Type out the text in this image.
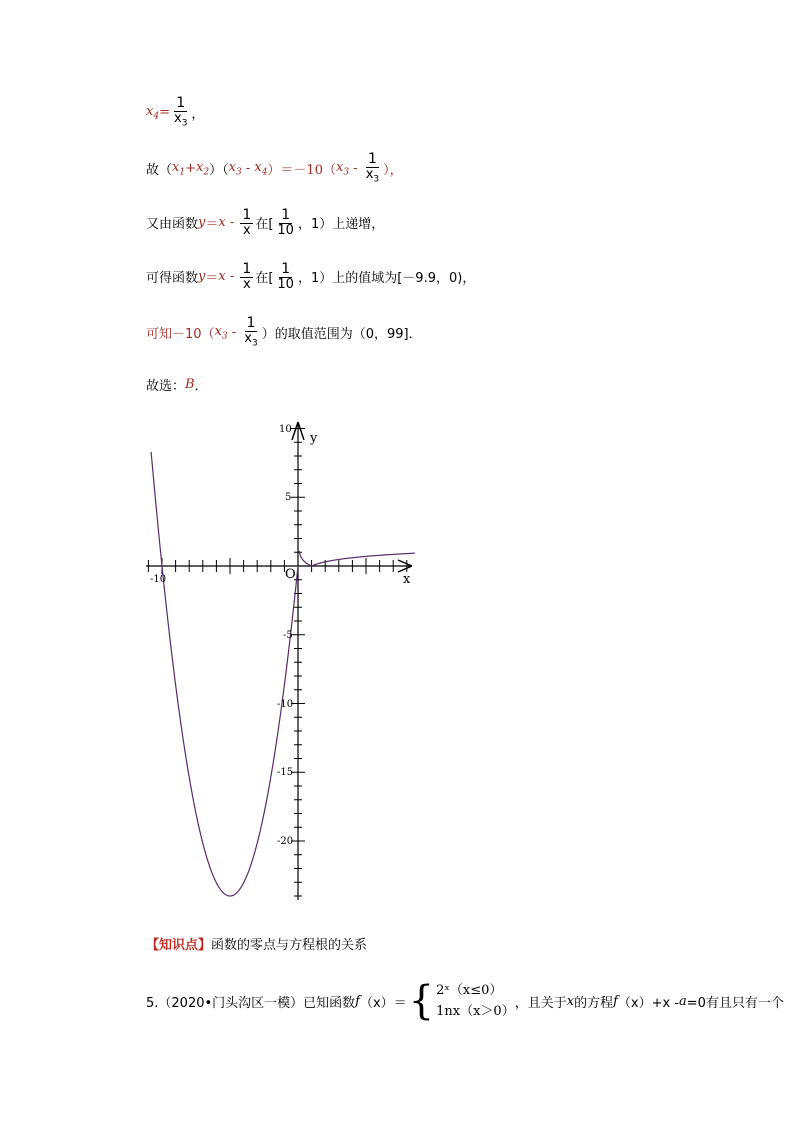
$x_4 = \frac{1}{x_3}$ ，
故（ $x_1 + x_2$ ）（ $x_3 - x_4$ ）＝－10（ $x_3 - \frac{1}{x_3}$ ），
又由函数 $y = x - \frac{1}{x}$ 在[ $\frac{1}{10}$ ，1）上递增，
可得函数 $y = x - \frac{1}{x}$ 在[ $\frac{1}{10}$ ，1）上的值域为[－9.9，0)，
可知－10（ $x_3 - \frac{1}{x_3}$ ）的取值范围为（0，99]．
故选： B ．
x
y
O
-10
10
5
-5
-10
-15
-20
【知识点】函数的零点与方程根的关系
5.（2020•门头沟区一模）已知函数 f （x）＝ { 2ˣ（x≤0）
1nx（x＞0）
，且关于 x 的方程 f （x）+x - a =0有且只有一个
